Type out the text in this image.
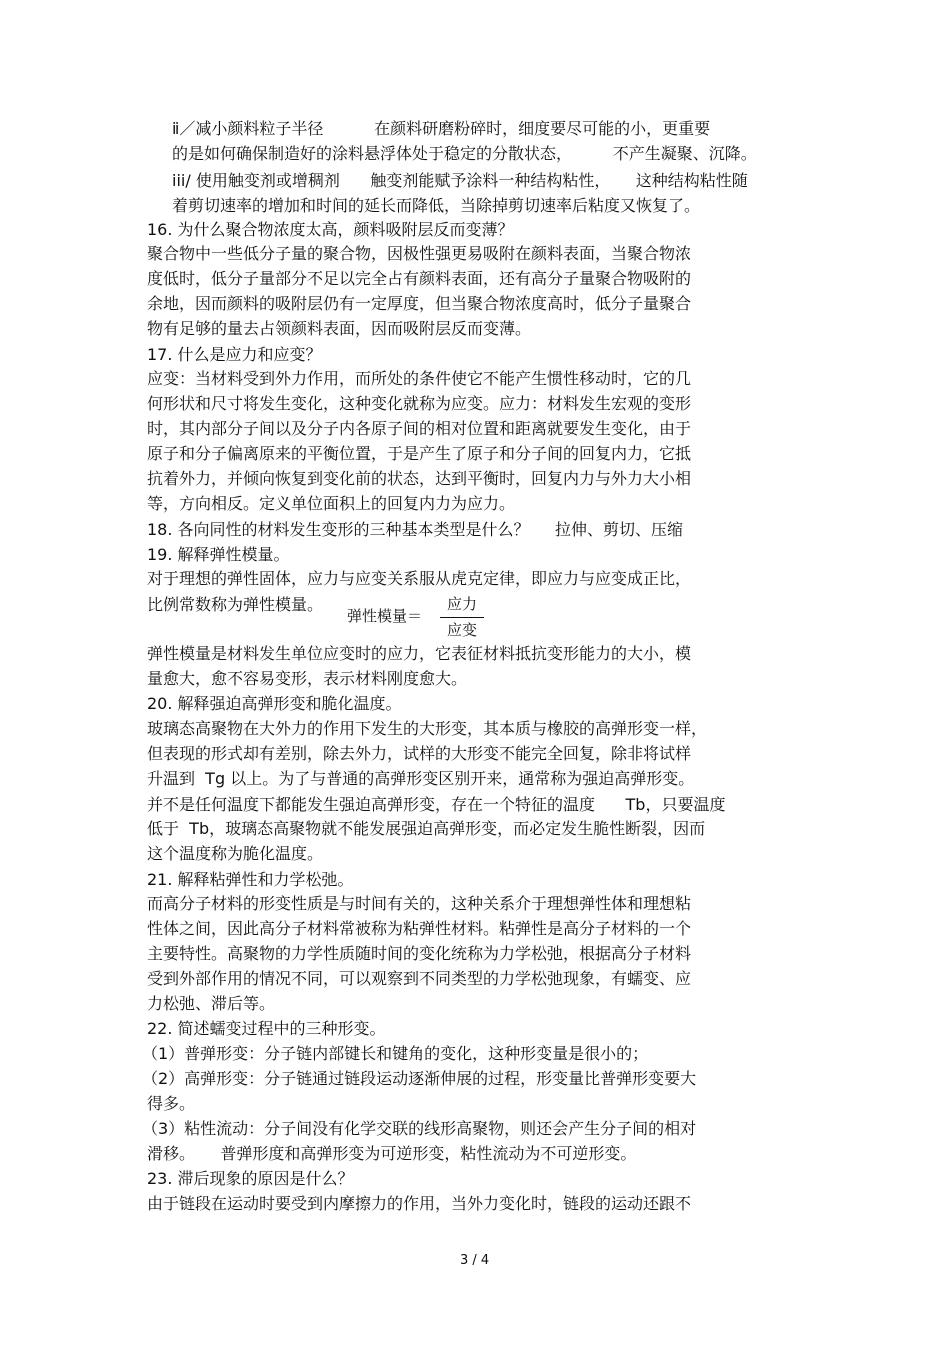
ⅱ／减小颜料粒子半径          在颜料研磨粉碎时，细度要尽可能的小，更重要
的是如何确保制造好的涂料悬浮体处于稳定的分散状态，        不产生凝聚、沉降。
iii/ 使用触变剂或增稠剂      触变剂能赋予涂料一种结构粘性，     这种结构粘性随
着剪切速率的增加和时间的延长而降低，当除掉剪切速率后粘度又恢复了。
16. 为什么聚合物浓度太高，颜料吸附层反而变薄？
聚合物中一些低分子量的聚合物，因极性强更易吸附在颜料表面，当聚合物浓
度低时，低分子量部分不足以完全占有颜料表面，还有高分子量聚合物吸附的
余地，因而颜料的吸附层仍有一定厚度，但当聚合物浓度高时，低分子量聚合
物有足够的量去占领颜料表面，因而吸附层反而变薄。
17. 什么是应力和应变？
应变：当材料受到外力作用，而所处的条件使它不能产生惯性移动时，它的几
何形状和尺寸将发生变化，这种变化就称为应变。应力：材料发生宏观的变形
时，其内部分子间以及分子内各原子间的相对位置和距离就要发生变化，由于
原子和分子偏离原来的平衡位置，于是产生了原子和分子间的回复内力，它抵
抗着外力，并倾向恢复到变化前的状态，达到平衡时，回复内力与外力大小相
等，方向相反。定义单位面积上的回复内力为应力。
18. 各向同性的材料发生变形的三种基本类型是什么？     拉伸、剪切、压缩
19. 解释弹性模量。
对于理想的弹性固体，应力与应变关系服从虎克定律，即应力与应变成正比，
比例常数称为弹性模量。
弹性模量＝
应力
应变
弹性模量是材料发生单位应变时的应力，它表征材料抵抗变形能力的大小，模
量愈大，愈不容易变形，表示材料刚度愈大。
20. 解释强迫高弹形变和脆化温度。
玻璃态高聚物在大外力的作用下发生的大形变，其本质与橡胶的高弹形变一样，
但表现的形式却有差别，除去外力，试样的大形变不能完全回复，除非将试样
升温到  Tg 以上。为了与普通的高弹形变区别开来，通常称为强迫高弹形变。
并不是任何温度下都能发生强迫高弹形变，存在一个特征的温度      Tb，只要温度
低于  Tb，玻璃态高聚物就不能发展强迫高弹形变，而必定发生脆性断裂，因而
这个温度称为脆化温度。
21. 解释粘弹性和力学松弛。
而高分子材料的形变性质是与时间有关的，这种关系介于理想弹性体和理想粘
性体之间，因此高分子材料常被称为粘弹性材料。粘弹性是高分子材料的一个
主要特性。高聚物的力学性质随时间的变化统称为力学松弛，根据高分子材料
受到外部作用的情况不同，可以观察到不同类型的力学松弛现象，有蠕变、应
力松弛、滞后等。
22. 简述蠕变过程中的三种形变。
（1）普弹形变：分子链内部键长和键角的变化，这种形变量是很小的；
（2）高弹形变：分子链通过链段运动逐渐伸展的过程，形变量比普弹形变要大
得多。
（3）粘性流动：分子间没有化学交联的线形高聚物，则还会产生分子间的相对
滑移。     普弹形度和高弹形变为可逆形变，粘性流动为不可逆形变。
23. 滞后现象的原因是什么？
由于链段在运动时要受到内摩擦力的作用，当外力变化时，链段的运动还跟不
3 / 4
